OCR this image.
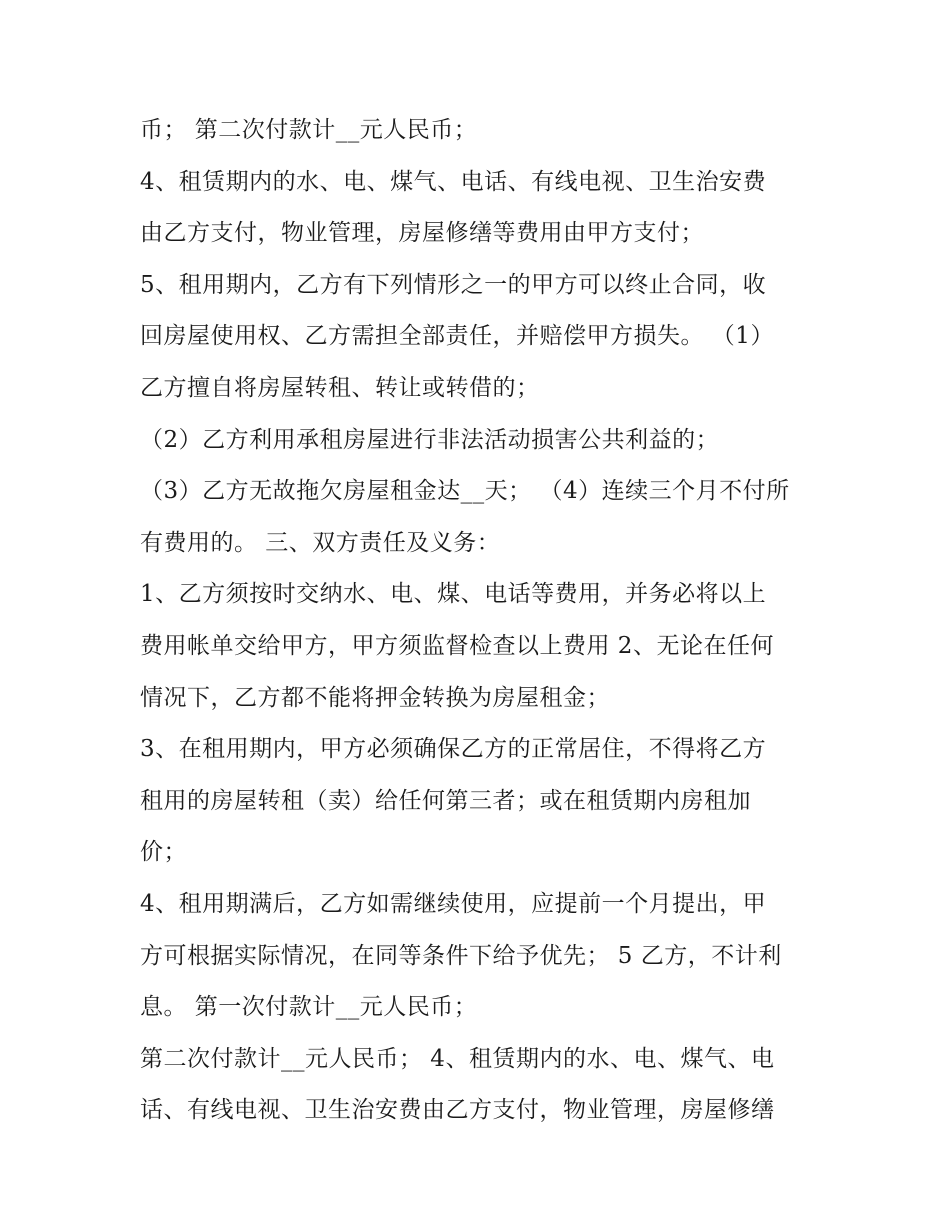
币； 第二次付款计__元人民币；
4、租赁期内的水、电、煤气、电话、有线电视、卫生治安费
由乙方支付，物业管理，房屋修缮等费用由甲方支付；
5、租用期内，乙方有下列情形之一的甲方可以终止合同，收
回房屋使用权、乙方需担全部责任，并赔偿甲方损失。 （1）
乙方擅自将房屋转租、转让或转借的；
（2）乙方利用承租房屋进行非法活动损害公共利益的；
（3）乙方无故拖欠房屋租金达__天； （4）连续三个月不付所
有费用的。 三、双方责任及义务：
1、乙方须按时交纳水、电、煤、电话等费用，并务必将以上
费用帐单交给甲方，甲方须监督检查以上费用 2、无论在任何
情况下，乙方都不能将押金转换为房屋租金；
3、在租用期内，甲方必须确保乙方的正常居住，不得将乙方
租用的房屋转租（卖）给任何第三者；或在租赁期内房租加
价；
4、租用期满后，乙方如需继续使用，应提前一个月提出，甲
方可根据实际情况，在同等条件下给予优先； 5 乙方，不计利
息。 第一次付款计__元人民币；
第二次付款计__元人民币； 4、租赁期内的水、电、煤气、电
话、有线电视、卫生治安费由乙方支付，物业管理，房屋修缮
